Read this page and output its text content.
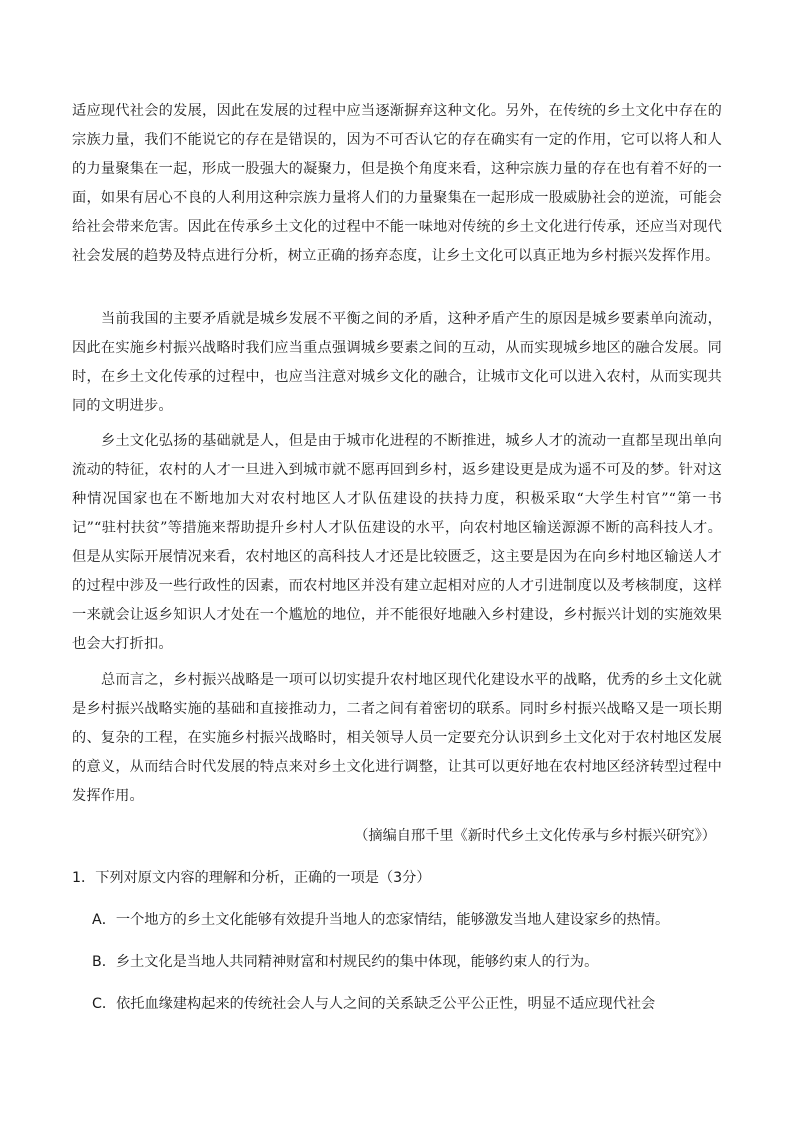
适应现代社会的发展，因此在发展的过程中应当逐渐摒弃这种文化。另外，在传统的乡土文化中存在的宗族力量，我们不能说它的存在是错误的，因为不可否认它的存在确实有一定的作用，它可以将人和人的力量聚集在一起，形成一股强大的凝聚力，但是换个角度来看，这种宗族力量的存在也有着不好的一面，如果有居心不良的人利用这种宗族力量将人们的力量聚集在一起形成一股威胁社会的逆流，可能会给社会带来危害。因此在传承乡土文化的过程中不能一味地对传统的乡土文化进行传承，还应当对现代社会发展的趋势及特点进行分析，树立正确的扬弃态度，让乡土文化可以真正地为乡村振兴发挥作用。

当前我国的主要矛盾就是城乡发展不平衡之间的矛盾，这种矛盾产生的原因是城乡要素单向流动，因此在实施乡村振兴战略时我们应当重点强调城乡要素之间的互动，从而实现城乡地区的融合发展。同时，在乡土文化传承的过程中，也应当注意对城乡文化的融合，让城市文化可以进入农村，从而实现共同的文明进步。

乡土文化弘扬的基础就是人，但是由于城市化进程的不断推进，城乡人才的流动一直都呈现出单向流动的特征，农村的人才一旦进入到城市就不愿再回到乡村，返乡建设更是成为遥不可及的梦。针对这种情况国家也在不断地加大对农村地区人才队伍建设的扶持力度，积极采取“大学生村官”“第一书记”“驻村扶贫”等措施来帮助提升乡村人才队伍建设的水平，向农村地区输送源源不断的高科技人才。但是从实际开展情况来看，农村地区的高科技人才还是比较匮乏，这主要是因为在向乡村地区输送人才的过程中涉及一些行政性的因素，而农村地区并没有建立起相对应的人才引进制度以及考核制度，这样一来就会让返乡知识人才处在一个尴尬的地位，并不能很好地融入乡村建设，乡村振兴计划的实施效果也会大打折扣。

总而言之，乡村振兴战略是一项可以切实提升农村地区现代化建设水平的战略，优秀的乡土文化就是乡村振兴战略实施的基础和直接推动力，二者之间有着密切的联系。同时乡村振兴战略又是一项长期的、复杂的工程，在实施乡村振兴战略时，相关领导人员一定要充分认识到乡土文化对于农村地区发展的意义，从而结合时代发展的特点来对乡土文化进行调整，让其可以更好地在农村地区经济转型过程中发挥作用。

（摘编自邢千里《新时代乡土文化传承与乡村振兴研究》）

1．下列对原文内容的理解和分析，正确的一项是（3分）

A．一个地方的乡土文化能够有效提升当地人的恋家情结，能够激发当地人建设家乡的热情。

B．乡土文化是当地人共同精神财富和村规民约的集中体现，能够约束人的行为。

C．依托血缘建构起来的传统社会人与人之间的关系缺乏公平公正性，明显不适应现代社会
